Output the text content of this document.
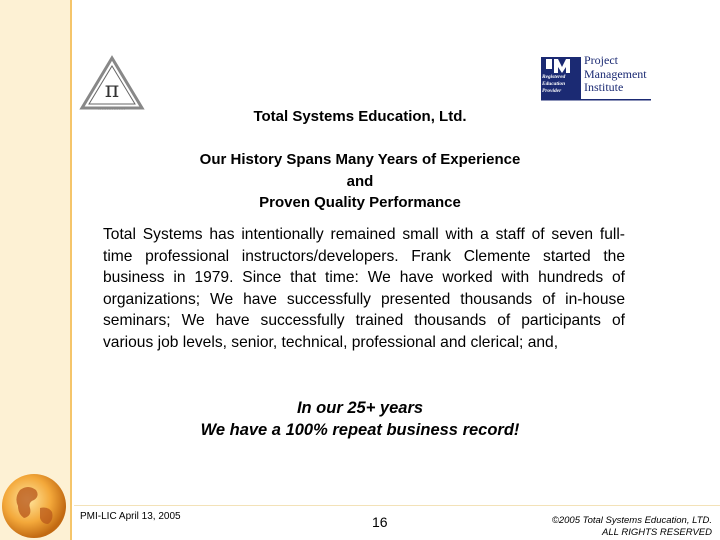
π
ꞏꞏꞏꞏꞏꞏꞏꞏꞏꞏꞏꞏꞏꞏꞏꞏ
Project
Management
Institute
Registered
Education
Provider
Total Systems Education, Ltd.
Our History Spans Many Years of Experience
and
Proven Quality Performance
Total Systems has intentionally remained small with a staff of seven full-time professional instructors/developers. Frank Clemente started the business in 1979. Since that time: We have worked with hundreds of organizations; We have successfully presented thousands of in-house seminars; We have successfully trained thousands of participants of various job levels, senior, technical, professional and clerical; and,
In our 25+ years
We have a 100% repeat business record!
PMI-LIC April 13, 2005	16	©2005 Total Systems Education, LTD.
ALL RIGHTS RESERVED
